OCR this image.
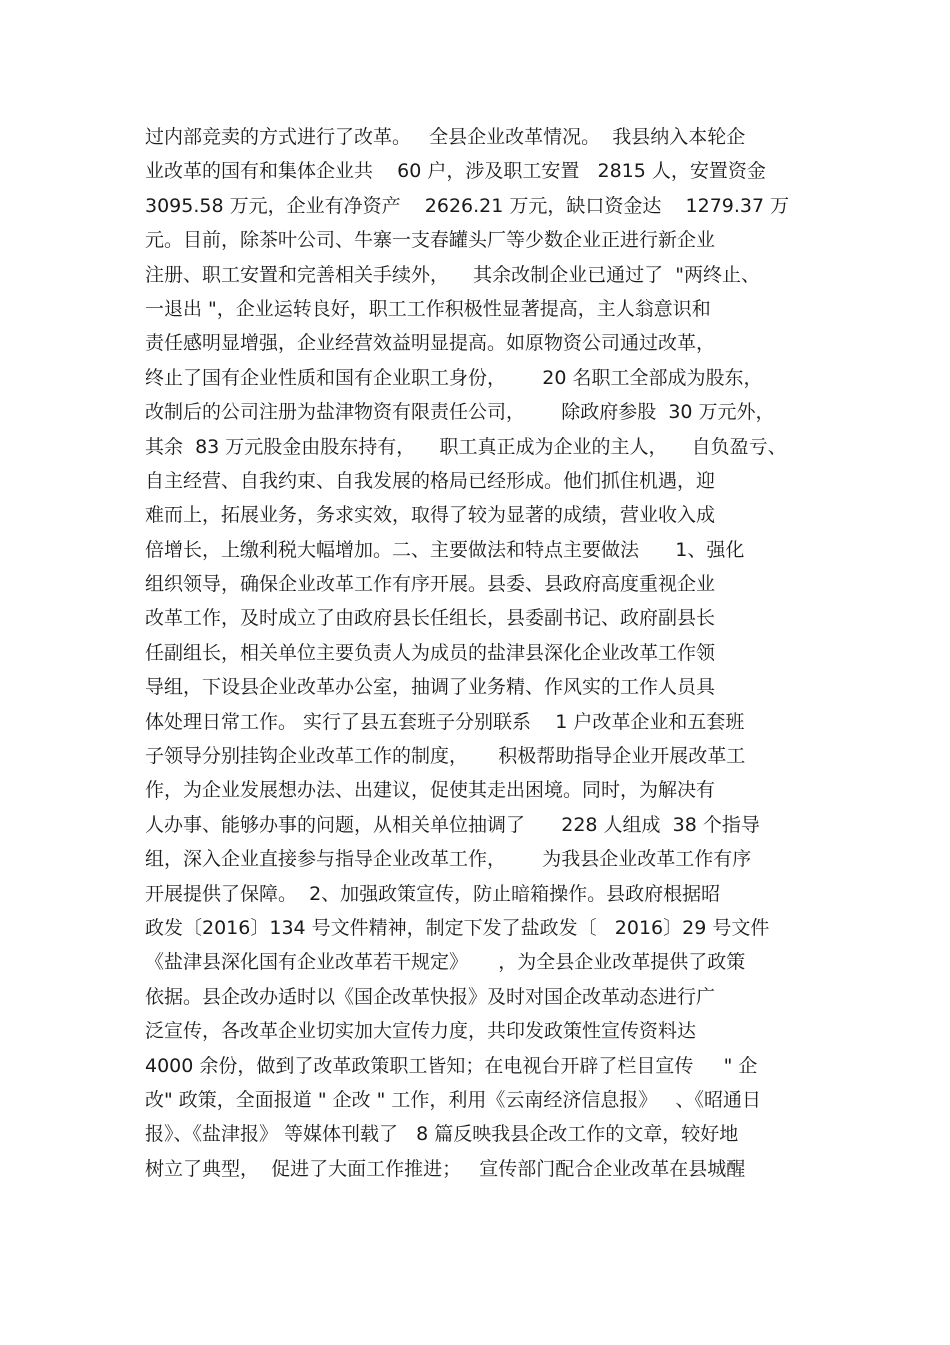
过内部竞卖的方式进行了改革。   全县企业改革情况。  我县纳入本轮企
业改革的国有和集体企业共    60 户，涉及职工安置   2815 人，安置资金
3095.58 万元，企业有净资产    2626.21 万元，缺口资金达    1279.37 万
元。目前，除茶叶公司、牛寨一支春罐头厂等少数企业正进行新企业
注册、职工安置和完善相关手续外，    其余改制企业已通过了  "两终止、
一退出 "，企业运转良好，职工工作积极性显著提高，主人翁意识和
责任感明显增强，企业经营效益明显提高。如原物资公司通过改革，
终止了国有企业性质和国有企业职工身份，      20 名职工全部成为股东，
改制后的公司注册为盐津物资有限责任公司，      除政府参股  30 万元外，
其余  83 万元股金由股东持有，    职工真正成为企业的主人，    自负盈亏、
自主经营、自我约束、自我发展的格局已经形成。他们抓住机遇，迎
难而上，拓展业务，务求实效，取得了较为显著的成绩，营业收入成
倍增长，上缴利税大幅增加。二、主要做法和特点主要做法      1、强化
组织领导，确保企业改革工作有序开展。县委、县政府高度重视企业
改革工作，及时成立了由政府县长任组长，县委副书记、政府副县长
任副组长，相关单位主要负责人为成员的盐津县深化企业改革工作领
导组，下设县企业改革办公室，抽调了业务精、作风实的工作人员具
体处理日常工作。 实行了县五套班子分别联系    1 户改革企业和五套班
子领导分别挂钩企业改革工作的制度，     积极帮助指导企业开展改革工
作，为企业发展想办法、出建议，促使其走出困境。同时，为解决有
人办事、能够办事的问题，从相关单位抽调了      228 人组成  38 个指导
组，深入企业直接参与指导企业改革工作，      为我县企业改革工作有序
开展提供了保障。  2、加强政策宣传，防止暗箱操作。县政府根据昭
政发〔2016〕134 号文件精神，制定下发了盐政发〔   2016〕29 号文件
《盐津县深化国有企业改革若干规定》     ，为全县企业改革提供了政策
依据。县企改办适时以《国企改革快报》及时对国企改革动态进行广
泛宣传，各改革企业切实加大宣传力度，共印发政策性宣传资料达
4000 余份，做到了改革政策职工皆知；在电视台开辟了栏目宣传     " 企
改" 政策，全面报道 " 企改 " 工作，利用《云南经济信息报》   、《昭通日
报》、《盐津报》 等媒体刊载了   8 篇反映我县企改工作的文章，较好地
树立了典型，  促进了大面工作推进；   宣传部门配合企业改革在县城醒
